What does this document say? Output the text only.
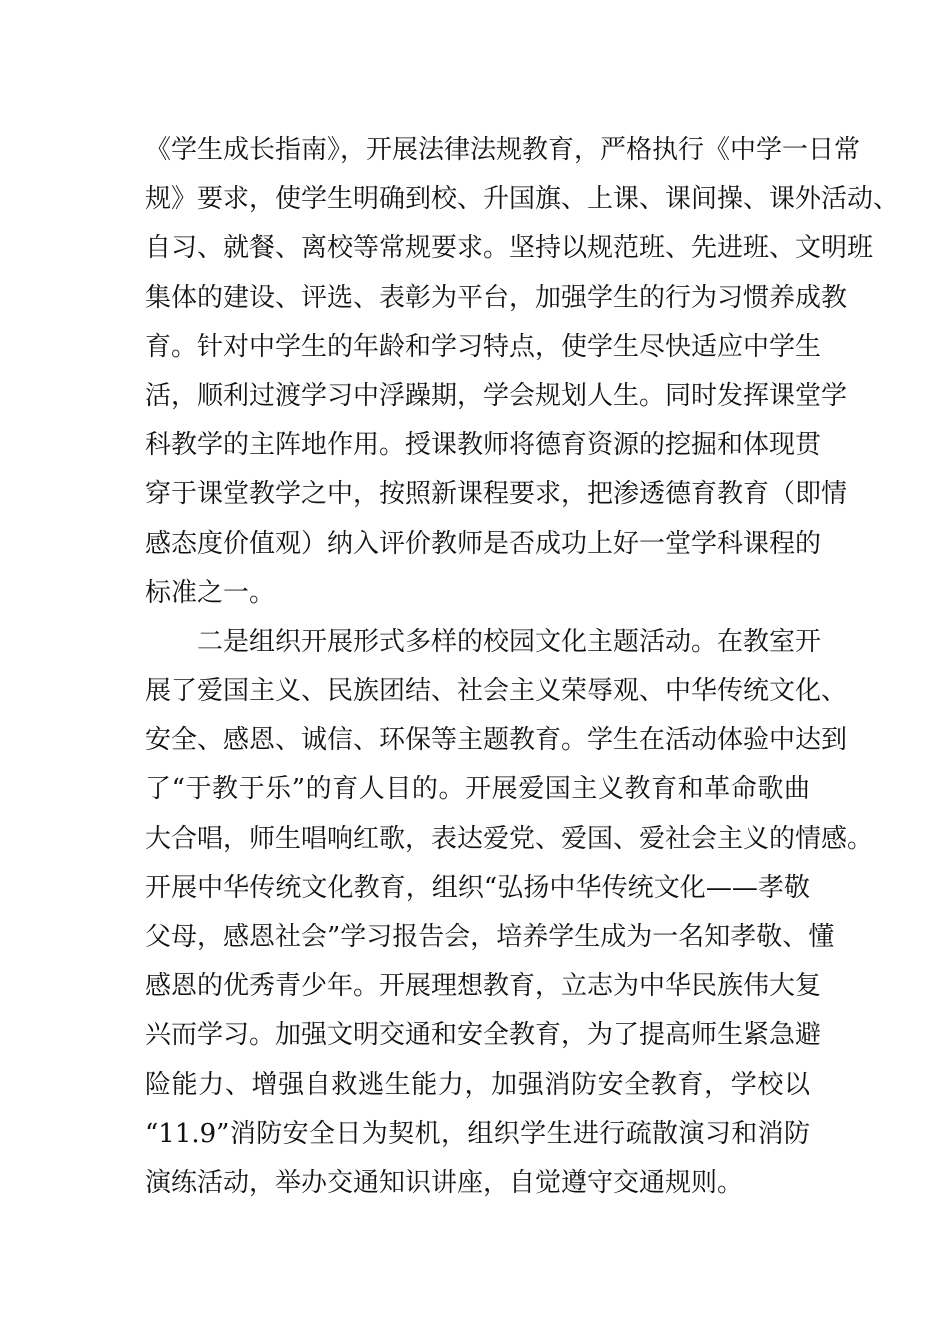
《学生成长指南》，开展法律法规教育，严格执行《中学一日常
规》要求，使学生明确到校、升国旗、上课、课间操、课外活动、
自习、就餐、离校等常规要求。坚持以规范班、先进班、文明班
集体的建设、评选、表彰为平台，加强学生的行为习惯养成教
育。针对中学生的年龄和学习特点，使学生尽快适应中学生
活，顺利过渡学习中浮躁期，学会规划人生。同时发挥课堂学
科教学的主阵地作用。授课教师将德育资源的挖掘和体现贯
穿于课堂教学之中，按照新课程要求，把渗透德育教育（即情
感态度价值观）纳入评价教师是否成功上好一堂学科课程的
标准之一。
二是组织开展形式多样的校园文化主题活动。在教室开
展了爱国主义、民族团结、社会主义荣辱观、中华传统文化、
安全、感恩、诚信、环保等主题教育。学生在活动体验中达到
了“于教于乐”的育人目的。开展爱国主义教育和革命歌曲
大合唱，师生唱响红歌，表达爱党、爱国、爱社会主义的情感。
开展中华传统文化教育，组织“弘扬中华传统文化——孝敬
父母，感恩社会”学习报告会，培养学生成为一名知孝敬、懂
感恩的优秀青少年。开展理想教育，立志为中华民族伟大复
兴而学习。加强文明交通和安全教育，为了提高师生紧急避
险能力、增强自救逃生能力，加强消防安全教育，学校以
“11.9”消防安全日为契机，组织学生进行疏散演习和消防
演练活动，举办交通知识讲座，自觉遵守交通规则。
